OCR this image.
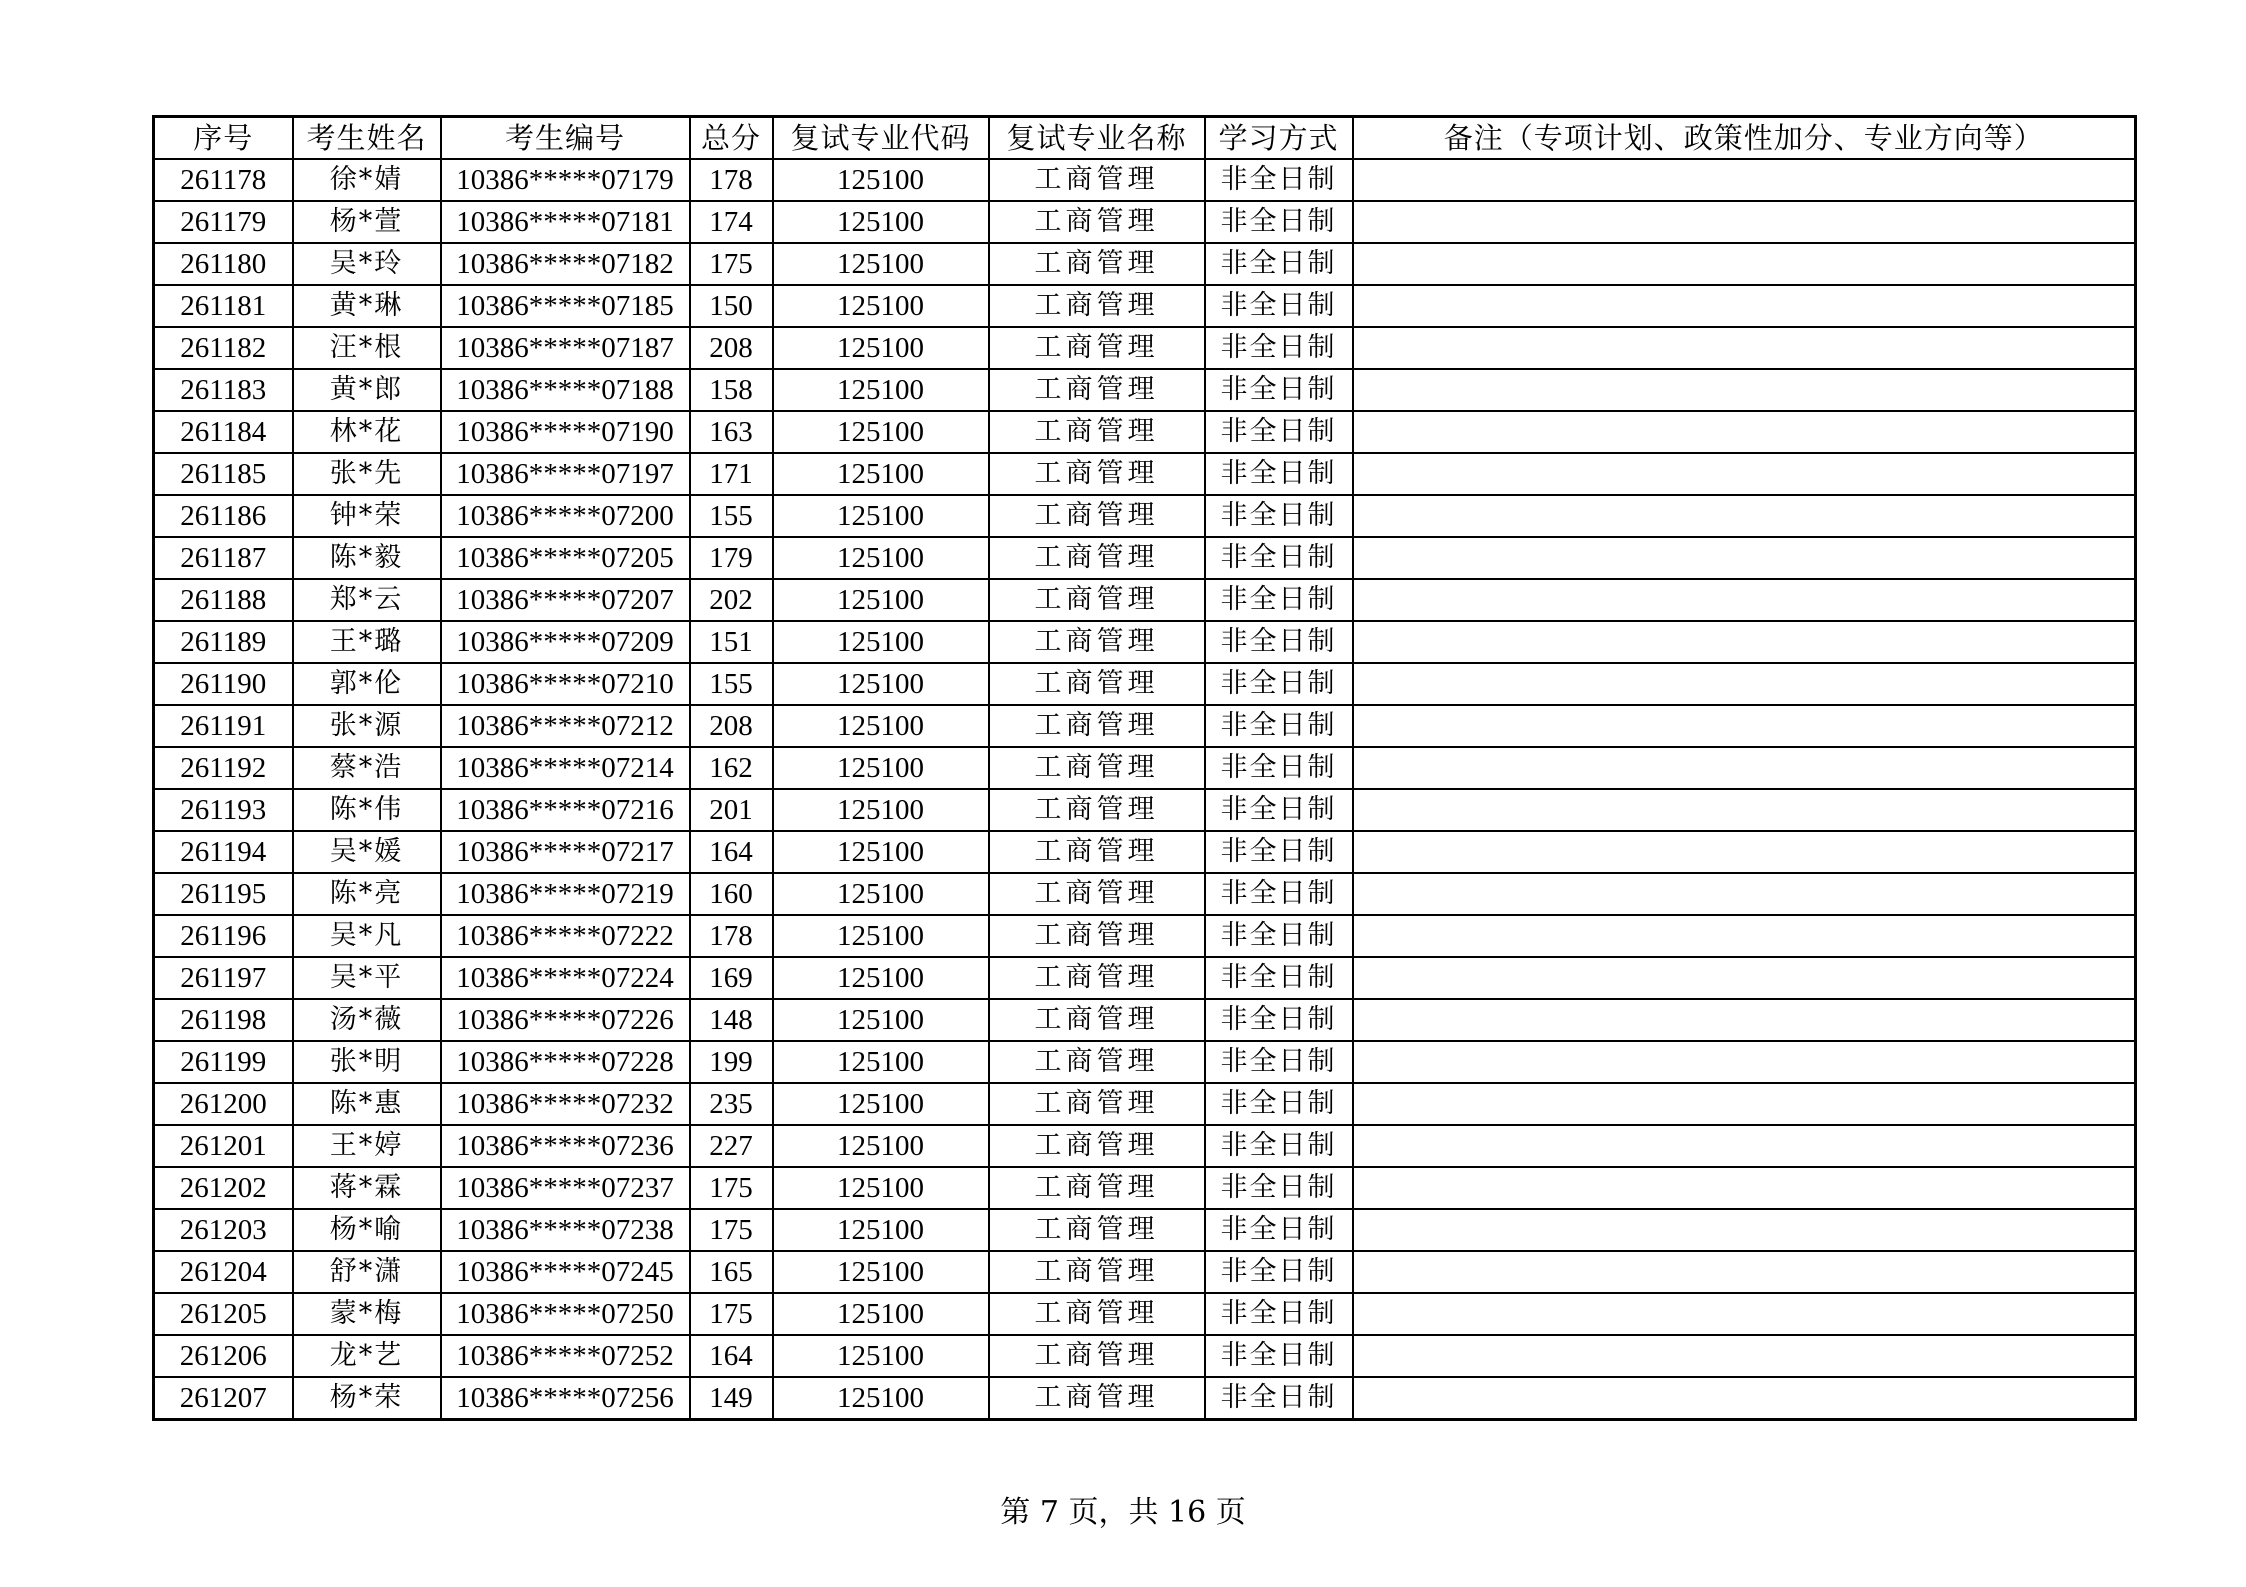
序号	考生姓名	考生编号	总分	复试专业代码	复试专业名称	学习方式	备注（专项计划、政策性加分、专业方向等）
261178	徐*婧	10386*****07179	178	125100	工商管理	非全日制	
261179	杨*萱	10386*****07181	174	125100	工商管理	非全日制	
261180	吴*玲	10386*****07182	175	125100	工商管理	非全日制	
261181	黄*琳	10386*****07185	150	125100	工商管理	非全日制	
261182	汪*根	10386*****07187	208	125100	工商管理	非全日制	
261183	黄*郎	10386*****07188	158	125100	工商管理	非全日制	
261184	林*花	10386*****07190	163	125100	工商管理	非全日制	
261185	张*先	10386*****07197	171	125100	工商管理	非全日制	
261186	钟*荣	10386*****07200	155	125100	工商管理	非全日制	
261187	陈*毅	10386*****07205	179	125100	工商管理	非全日制	
261188	郑*云	10386*****07207	202	125100	工商管理	非全日制	
261189	王*璐	10386*****07209	151	125100	工商管理	非全日制	
261190	郭*伦	10386*****07210	155	125100	工商管理	非全日制	
261191	张*源	10386*****07212	208	125100	工商管理	非全日制	
261192	蔡*浩	10386*****07214	162	125100	工商管理	非全日制	
261193	陈*伟	10386*****07216	201	125100	工商管理	非全日制	
261194	吴*媛	10386*****07217	164	125100	工商管理	非全日制	
261195	陈*亮	10386*****07219	160	125100	工商管理	非全日制	
261196	吴*凡	10386*****07222	178	125100	工商管理	非全日制	
261197	吴*平	10386*****07224	169	125100	工商管理	非全日制	
261198	汤*薇	10386*****07226	148	125100	工商管理	非全日制	
261199	张*明	10386*****07228	199	125100	工商管理	非全日制	
261200	陈*惠	10386*****07232	235	125100	工商管理	非全日制	
261201	王*婷	10386*****07236	227	125100	工商管理	非全日制	
261202	蒋*霖	10386*****07237	175	125100	工商管理	非全日制	
261203	杨*喻	10386*****07238	175	125100	工商管理	非全日制	
261204	舒*潇	10386*****07245	165	125100	工商管理	非全日制	
261205	蒙*梅	10386*****07250	175	125100	工商管理	非全日制	
261206	龙*艺	10386*****07252	164	125100	工商管理	非全日制	
261207	杨*荣	10386*****07256	149	125100	工商管理	非全日制	
第 7 页，共 16 页
